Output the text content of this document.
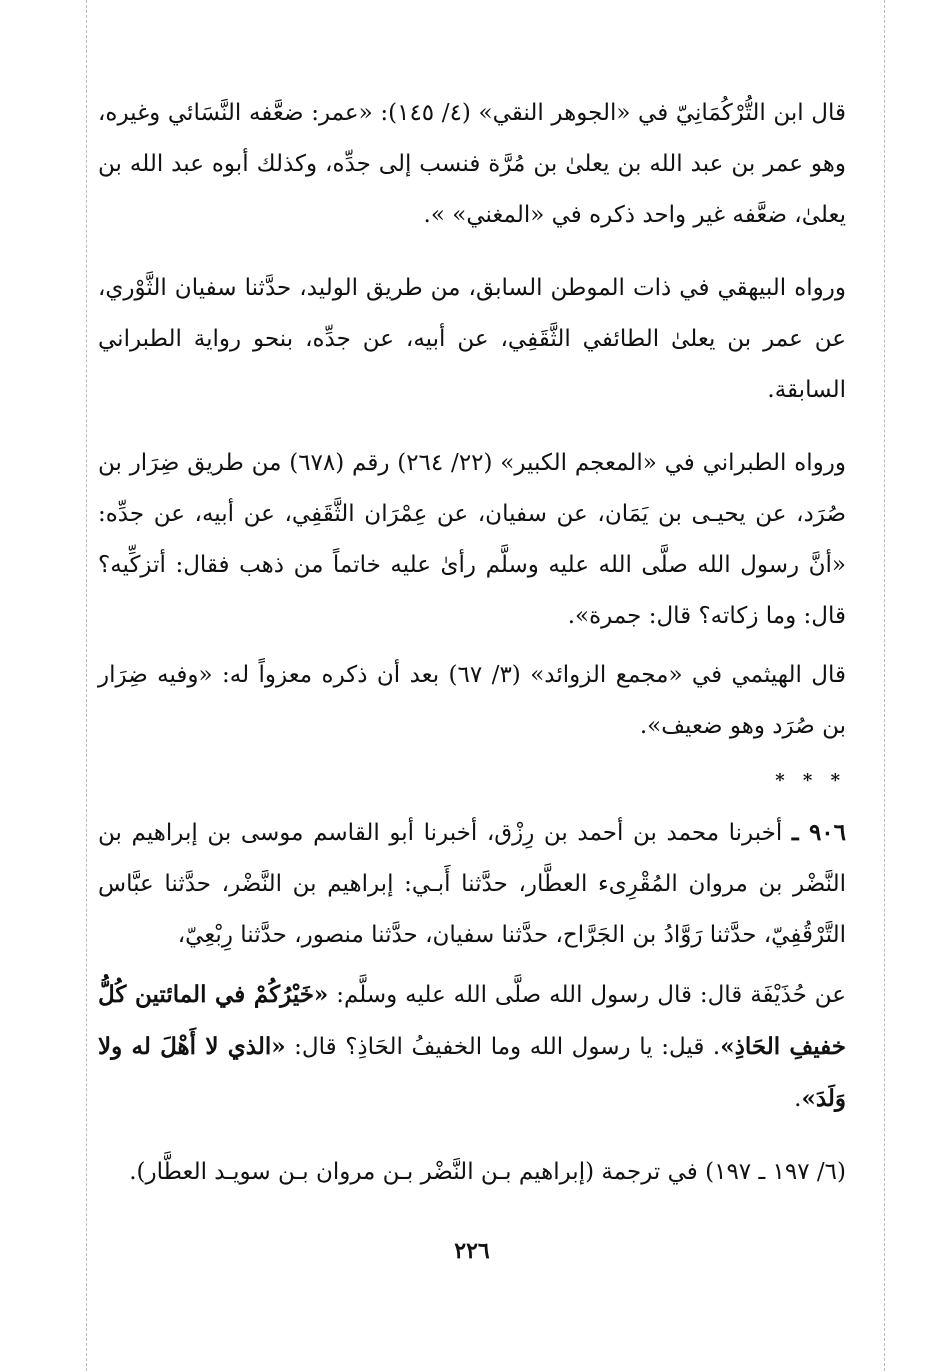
قال ابن التُّرْكُمَانِيّ في «الجوهر النقي» (٤/ ١٤٥): «عمر: ضعَّفه النَّسَائي وغيره، وهو عمر بن عبد الله بن يعلىٰ بن مُرَّة فنسب إلى جدِّه، وكذلك أبوه عبد الله بن يعلىٰ، ضعَّفه غير واحد ذكره في «المغني» ».

ورواه البيهقي في ذات الموطن السابق، من طريق الوليد، حدَّثنا سفيان الثَّوْري، عن عمر بن يعلىٰ الطائفي الثَّقَفِي، عن أبيه، عن جدِّه، بنحو رواية الطبراني السابقة.

ورواه الطبراني في «المعجم الكبير» (٢٢/ ٢٦٤) رقم (٦٧٨) من طريق ضِرَار بن صُرَد، عن يحيـى بن يَمَان، عن سفيان، عن عِمْرَان الثَّقَفِي، عن أبيه، عن جدِّه: «أنَّ رسول الله صلَّى الله عليه وسلَّم رأىٰ عليه خاتماً من ذهب فقال: أتزكِّيه؟ قال: وما زكاته؟ قال: جمرة».

قال الهيثمي في «مجمع الزوائد» (٣/ ٦٧) بعد أن ذكره معزواً له: «وفيه ضِرَار بن صُرَد وهو ضعيف».

* * *

٩٠٦ ـ أخبرنا محمد بن أحمد بن رِزْق، أخبرنا أبو القاسم موسى بن إبراهيم بن النَّضْر بن مروان المُقْرِىء العطَّار، حدَّثنا أَبـي: إبراهيم بن النَّضْر، حدَّثنا عبَّاس التَّرْقُفِيّ، حدَّثنا رَوَّادُ بن الجَرَّاح، حدَّثنا سفيان، حدَّثنا منصور، حدَّثنا رِبْعِيّ،

عن حُذَيْفَة قال: قال رسول الله صلَّى الله عليه وسلَّم: «خَيْرُكُمْ في المائتين كُلُّ خفيفِ الحَاذِ». قيل: يا رسول الله وما الخفيفُ الحَاذِ؟ قال: «الذي لا أَهْلَ له ولا وَلَدَ».

(٦/ ١٩٧ ـ ١٩٧) في ترجمة (إبراهيم بـن النَّضْر بـن مروان بـن سويـد العطَّار).

٢٢٦
